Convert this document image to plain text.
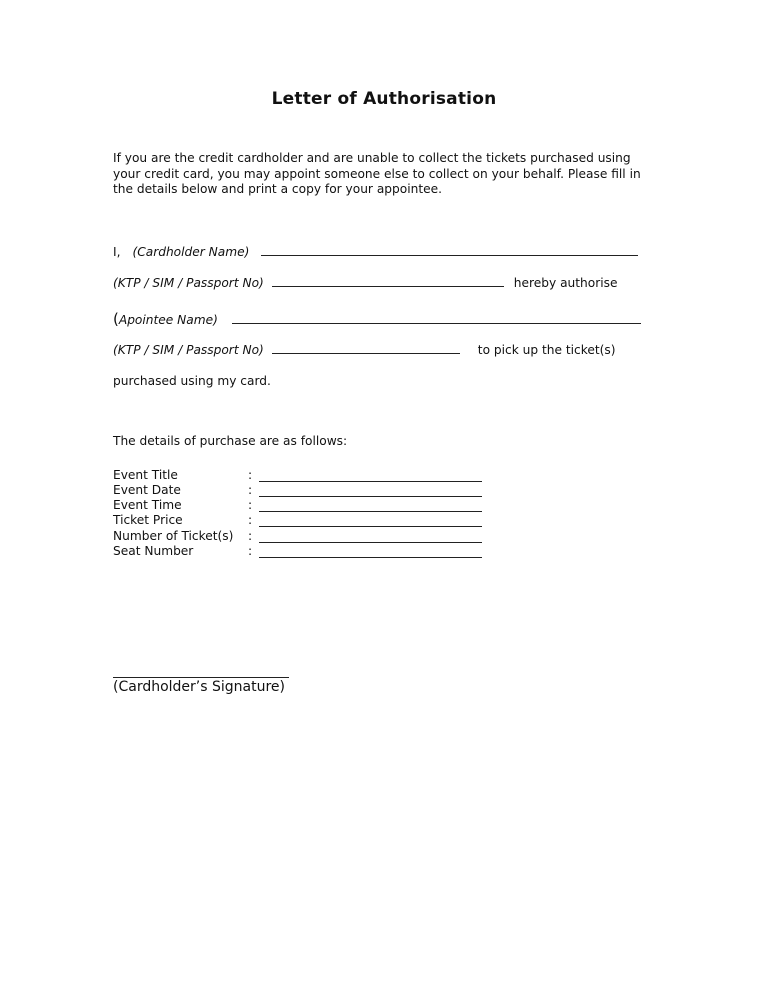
Letter of Authorisation
If you are the credit cardholder and are unable to collect the tickets purchased using your credit card, you may appoint someone else to collect on your behalf. Please fill in the details below and print a copy for your appointee.
I, (Cardholder Name)
(KTP / SIM / Passport No)	hereby authorise
( Apointee Name)
(KTP / SIM / Passport No)	to pick up the ticket(s)
purchased using my card.
The details of purchase are as follows:
Event Title	:
Event Date	:
Event Time	:
Ticket Price	:
Number of Ticket(s) :
Seat Number	:
(Cardholder’s Signature)
